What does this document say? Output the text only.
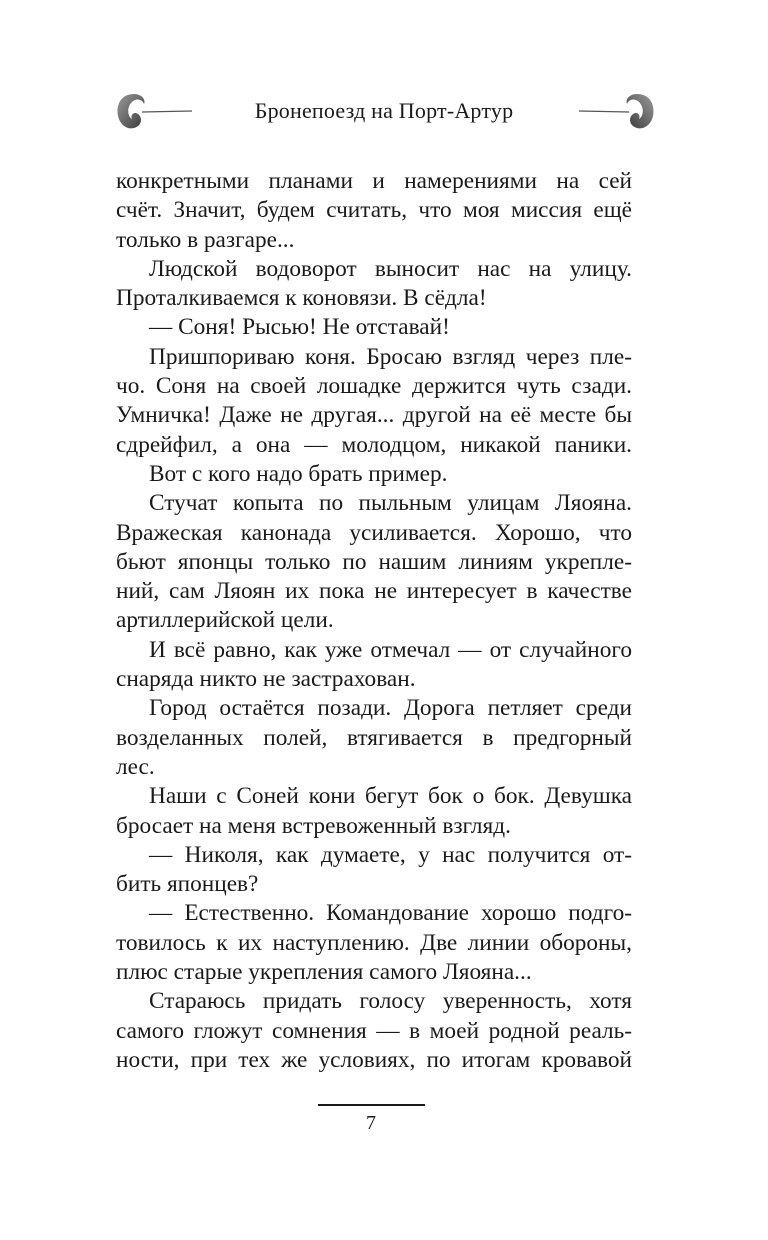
Бронепоезд на Порт-Артур
конкретными планами и намерениями на сей
счёт. Значит, будем считать, что моя миссия ещё
только в разгаре...
Людской водоворот выносит нас на улицу.
Проталкиваемся к коновязи. В сёдла!
— Соня! Рысью! Не отставай!
Пришпориваю коня. Бросаю взгляд через пле-
чо. Соня на своей лошадке держится чуть сзади.
Умничка! Даже не другая... другой на её месте бы
сдрейфил, а она — молодцом, никакой паники.
Вот с кого надо брать пример.
Стучат копыта по пыльным улицам Ляояна.
Вражеская канонада усиливается. Хорошо, что
бьют японцы только по нашим линиям укрепле-
ний, сам Ляоян их пока не интересует в качестве
артиллерийской цели.
И всё равно, как уже отмечал — от случайного
снаряда никто не застрахован.
Город остаётся позади. Дорога петляет среди
возделанных полей, втягивается в предгорный
лес.
Наши с Соней кони бегут бок о бок. Девушка
бросает на меня встревоженный взгляд.
— Николя, как думаете, у нас получится от-
бить японцев?
— Естественно. Командование хорошо подго-
товилось к их наступлению. Две линии обороны,
плюс старые укрепления самого Ляояна...
Стараюсь придать голосу уверенность, хотя
самого гложут сомнения — в моей родной реаль-
ности, при тех же условиях, по итогам кровавой
7
